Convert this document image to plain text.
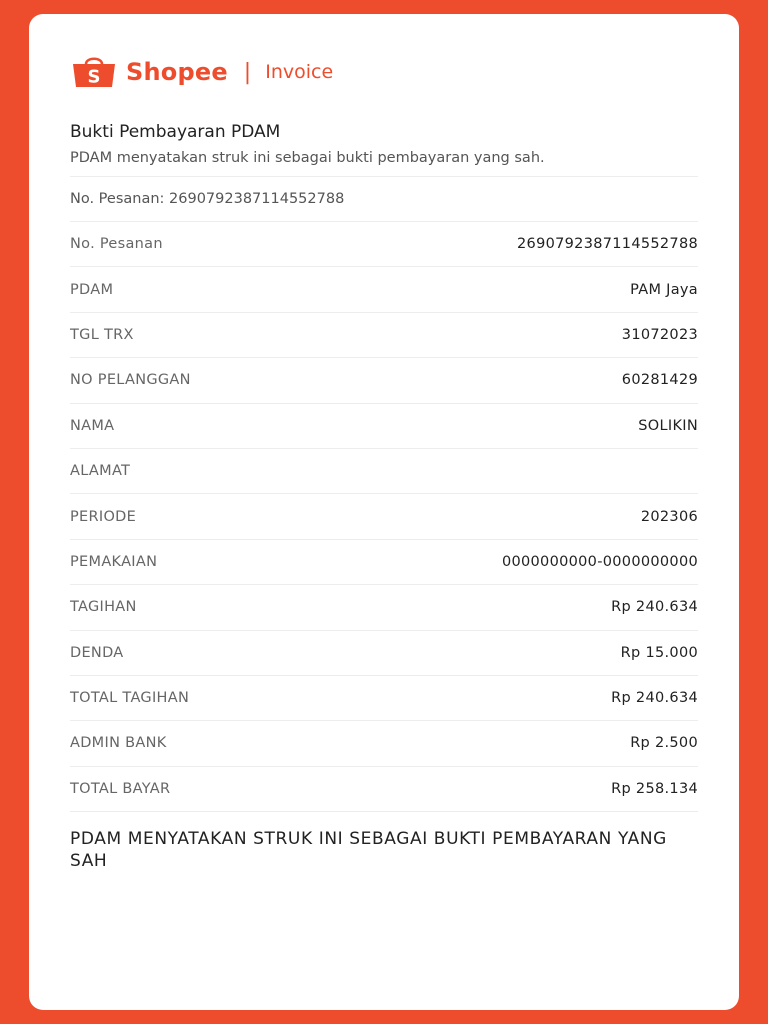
S Shopee | Invoice
Bukti Pembayaran PDAM
PDAM menyatakan struk ini sebagai bukti pembayaran yang sah.
No. Pesanan: 2690792387114552788
No. Pesanan	2690792387114552788
PDAM	PAM Jaya
TGL TRX	31072023
NO PELANGGAN	60281429
NAMA	SOLIKIN
ALAMAT
PERIODE	202306
PEMAKAIAN	0000000000-0000000000
TAGIHAN	Rp 240.634
DENDA	Rp 15.000
TOTAL TAGIHAN	Rp 240.634
ADMIN BANK	Rp 2.500
TOTAL BAYAR	Rp 258.134
PDAM MENYATAKAN STRUK INI SEBAGAI BUKTI PEMBAYARAN YANG SAH
